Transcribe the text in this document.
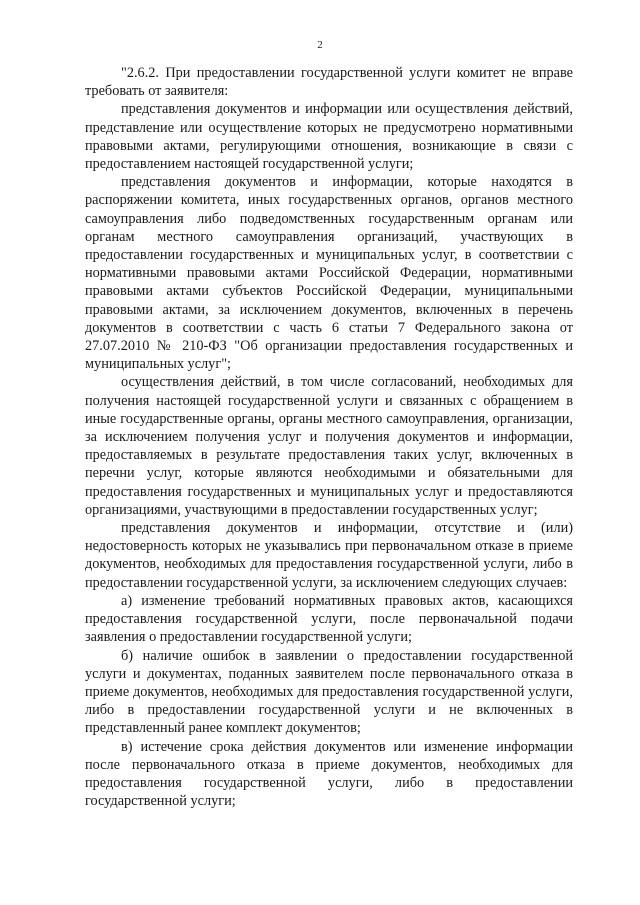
2

"2.6.2. При предоставлении государственной услуги комитет не вправе требовать от заявителя:

представления документов и информации или осуществления действий, представление или осуществление которых не предусмотрено нормативными правовыми актами, регулирующими отношения, возникающие в связи с предоставлением настоящей государственной услуги;

представления документов и информации, которые находятся в распоряжении комитета, иных государственных органов, органов местного самоуправления либо подведомственных государственным органам или органам местного самоуправления организаций, участвующих в предоставлении государственных и муниципальных услуг, в соответствии с нормативными правовыми актами Российской Федерации, нормативными правовыми актами субъектов Российской Федерации, муниципальными правовыми актами, за исключением документов, включенных в перечень документов в соответствии с часть 6 статьи 7 Федерального закона от 27.07.2010 № 210-ФЗ "Об организации предоставления государственных и муниципальных услуг";

осуществления действий, в том числе согласований, необходимых для получения настоящей государственной услуги и связанных с обращением в иные государственные органы, органы местного самоуправления, организации, за исключением получения услуг и получения документов и информации, предоставляемых в результате предоставления таких услуг, включенных в перечни услуг, которые являются необходимыми и обязательными для предоставления государственных и муниципальных услуг и предоставляются организациями, участвующими в предоставлении государственных услуг;

представления документов и информации, отсутствие и (или) недостоверность которых не указывались при первоначальном отказе в приеме документов, необходимых для предоставления государственной услуги, либо в предоставлении государственной услуги, за исключением следующих случаев:

а) изменение требований нормативных правовых актов, касающихся предоставления государственной услуги, после первоначальной подачи заявления о предоставлении государственной услуги;

б) наличие ошибок в заявлении о предоставлении государственной услуги и документах, поданных заявителем после первоначального отказа в приеме документов, необходимых для предоставления государственной услуги, либо в предоставлении государственной услуги и не включенных в представленный ранее комплект документов;

в) истечение срока действия документов или изменение информации после первоначального отказа в приеме документов, необходимых для предоставления государственной услуги, либо в предоставлении государственной услуги;
